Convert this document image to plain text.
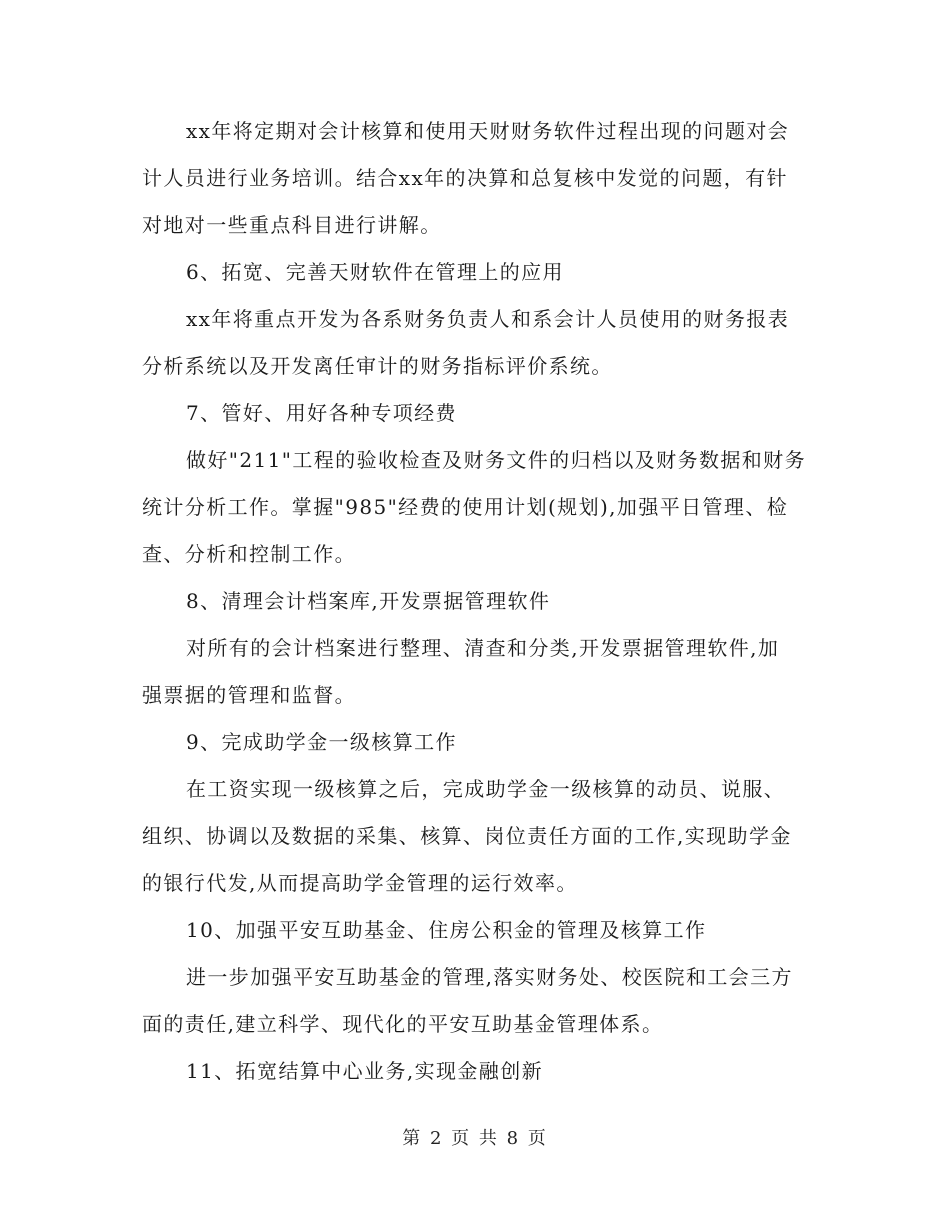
xx年将定期对会计核算和使用天财财务软件过程出现的问题对会
计人员进行业务培训。结合xx年的决算和总复核中发觉的问题，有针
对地对一些重点科目进行讲解。
6、拓宽、完善天财软件在管理上的应用
xx年将重点开发为各系财务负责人和系会计人员使用的财务报表
分析系统以及开发离任审计的财务指标评价系统。
7、管好、用好各种专项经费
做好"211"工程的验收检查及财务文件的归档以及财务数据和财务
统计分析工作。掌握"985"经费的使用计划(规划),加强平日管理、检
查、分析和控制工作。
8、清理会计档案库,开发票据管理软件
对所有的会计档案进行整理、清查和分类,开发票据管理软件,加
强票据的管理和监督。
9、完成助学金一级核算工作
在工资实现一级核算之后，完成助学金一级核算的动员、说服、
组织、协调以及数据的采集、核算、岗位责任方面的工作,实现助学金
的银行代发,从而提高助学金管理的运行效率。
10、加强平安互助基金、住房公积金的管理及核算工作
进一步加强平安互助基金的管理,落实财务处、校医院和工会三方
面的责任,建立科学、现代化的平安互助基金管理体系。
11、拓宽结算中心业务,实现金融创新
第 2 页 共 8 页
